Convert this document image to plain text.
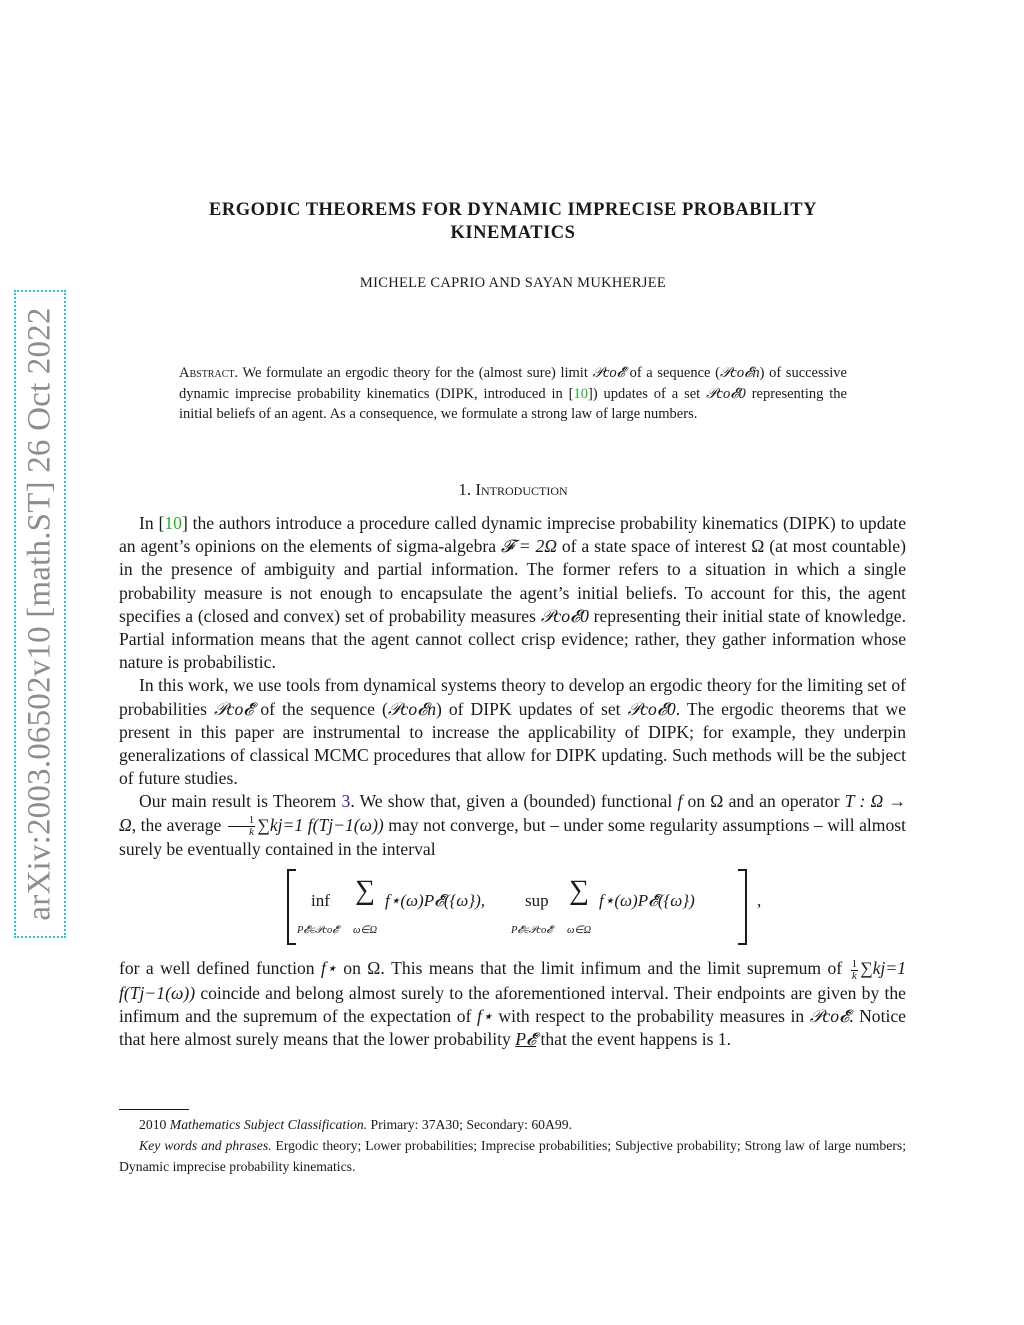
arXiv:2003.06502v10 [math.ST] 26 Oct 2022
ERGODIC THEOREMS FOR DYNAMIC IMPRECISE PROBABILITY
KINEMATICS
MICHELE CAPRIO AND SAYAN MUKHERJEE
Abstract. We formulate an ergodic theory for the (almost sure) limit 𝒫co𝓔̃ of a sequence (𝒫co𝓔n) of successive dynamic imprecise probability kinematics (DIPK, introduced in [10]) updates of a set 𝒫co𝓔0 representing the initial beliefs of an agent. As a consequence, we formulate a strong law of large numbers.
1. Introduction

In [10] the authors introduce a procedure called dynamic imprecise probability kinematics (DIPK) to update an agent’s opinions on the elements of sigma-algebra 𝓕 = 2Ω of a state space of interest Ω (at most countable) in the presence of ambiguity and partial information. The former refers to a situation in which a single probability measure is not enough to encapsulate the agent’s initial beliefs. To account for this, the agent specifies a (closed and convex) set of probability measures 𝒫co𝓔0 representing their initial state of knowledge. Partial information means that the agent cannot collect crisp evidence; rather, they gather information whose nature is probabilistic.

In this work, we use tools from dynamical systems theory to develop an ergodic theory for the limiting set of probabilities 𝒫co𝓔̃ of the sequence (𝒫co𝓔n) of DIPK updates of set 𝒫co𝓔0. The ergodic theorems that we present in this paper are instrumental to increase the applicability of DIPK; for example, they underpin generalizations of classical MCMC procedures that allow for DIPK updating. Such methods will be the subject of future studies.

Our main result is Theorem 3. We show that, given a (bounded) functional f on Ω and an operator T : Ω → Ω, the average $\frac{1}{k} \sum kj=1$ f(Tj−1(ω)) may not converge, but – under some regularity assumptions – will almost surely be eventually contained in the interval

inf
P𝓔̃∈𝒫co𝓔̃
∑
ω∈Ω
f⋆(ω)P𝓔̃({ω}), sup
P𝓔̃∈𝒫co𝓔̃
∑
ω∈Ω
f⋆(ω)P𝓔̃({ω})	,

for a well defined function f⋆ on Ω. This means that the limit infimum and the limit supremum of $\frac{1}{k} \sum kj=1$ f(Tj−1(ω)) coincide and belong almost surely to the aforementioned interval. Their endpoints are given by the infimum and the supremum of the expectation of f⋆ with respect to the probability measures in 𝒫co𝓔̃. Notice that here almost surely means that the lower probability P𝓔̃ that the event happens is 1.

2010 Mathematics Subject Classification. Primary: 37A30; Secondary: 60A99.

Key words and phrases. Ergodic theory; Lower probabilities; Imprecise probabilities; Subjective probability; Strong law of large numbers; Dynamic imprecise probability kinematics.
